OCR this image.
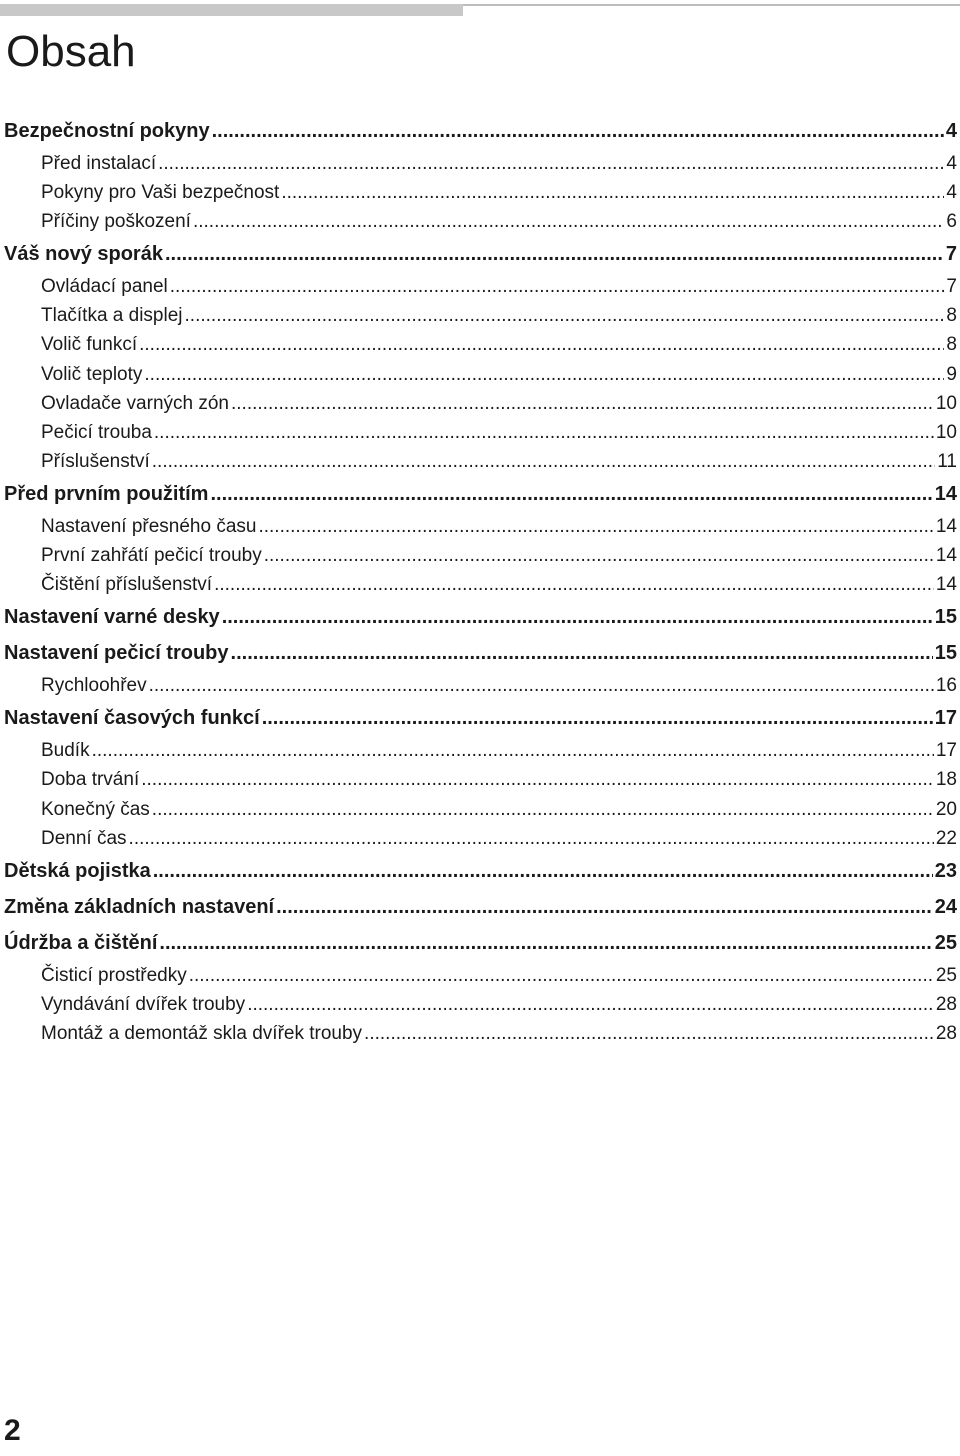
Obsah
Bezpečnostní pokyny .....	4
Před instalací .....	4
Pokyny pro Vaši bezpečnost .....	4
Příčiny poškození .....	6
Váš nový sporák .....	7
Ovládací panel .....	7
Tlačítka a displej .....	8
Volič funkcí .....	8
Volič teploty .....	9
Ovladače varných zón .....	10
Pečicí trouba .....	10
Příslušenství .....	11
Před prvním použitím .....	14
Nastavení přesného času .....	14
První zahřátí pečicí trouby .....	14
Čištění příslušenství .....	14
Nastavení varné desky .....	15
Nastavení pečicí trouby .....	15
Rychloohřev .....	16
Nastavení časových funkcí .....	17
Budík .....	17
Doba trvání .....	18
Konečný čas .....	20
Denní čas .....	22
Dětská pojistka .....	23
Změna základních nastavení .....	24
Údržba a čištění .....	25
Čisticí prostředky .....	25
Vyndávání dvířek trouby .....	28
Montáž a demontáž skla dvířek trouby .....	28
2
